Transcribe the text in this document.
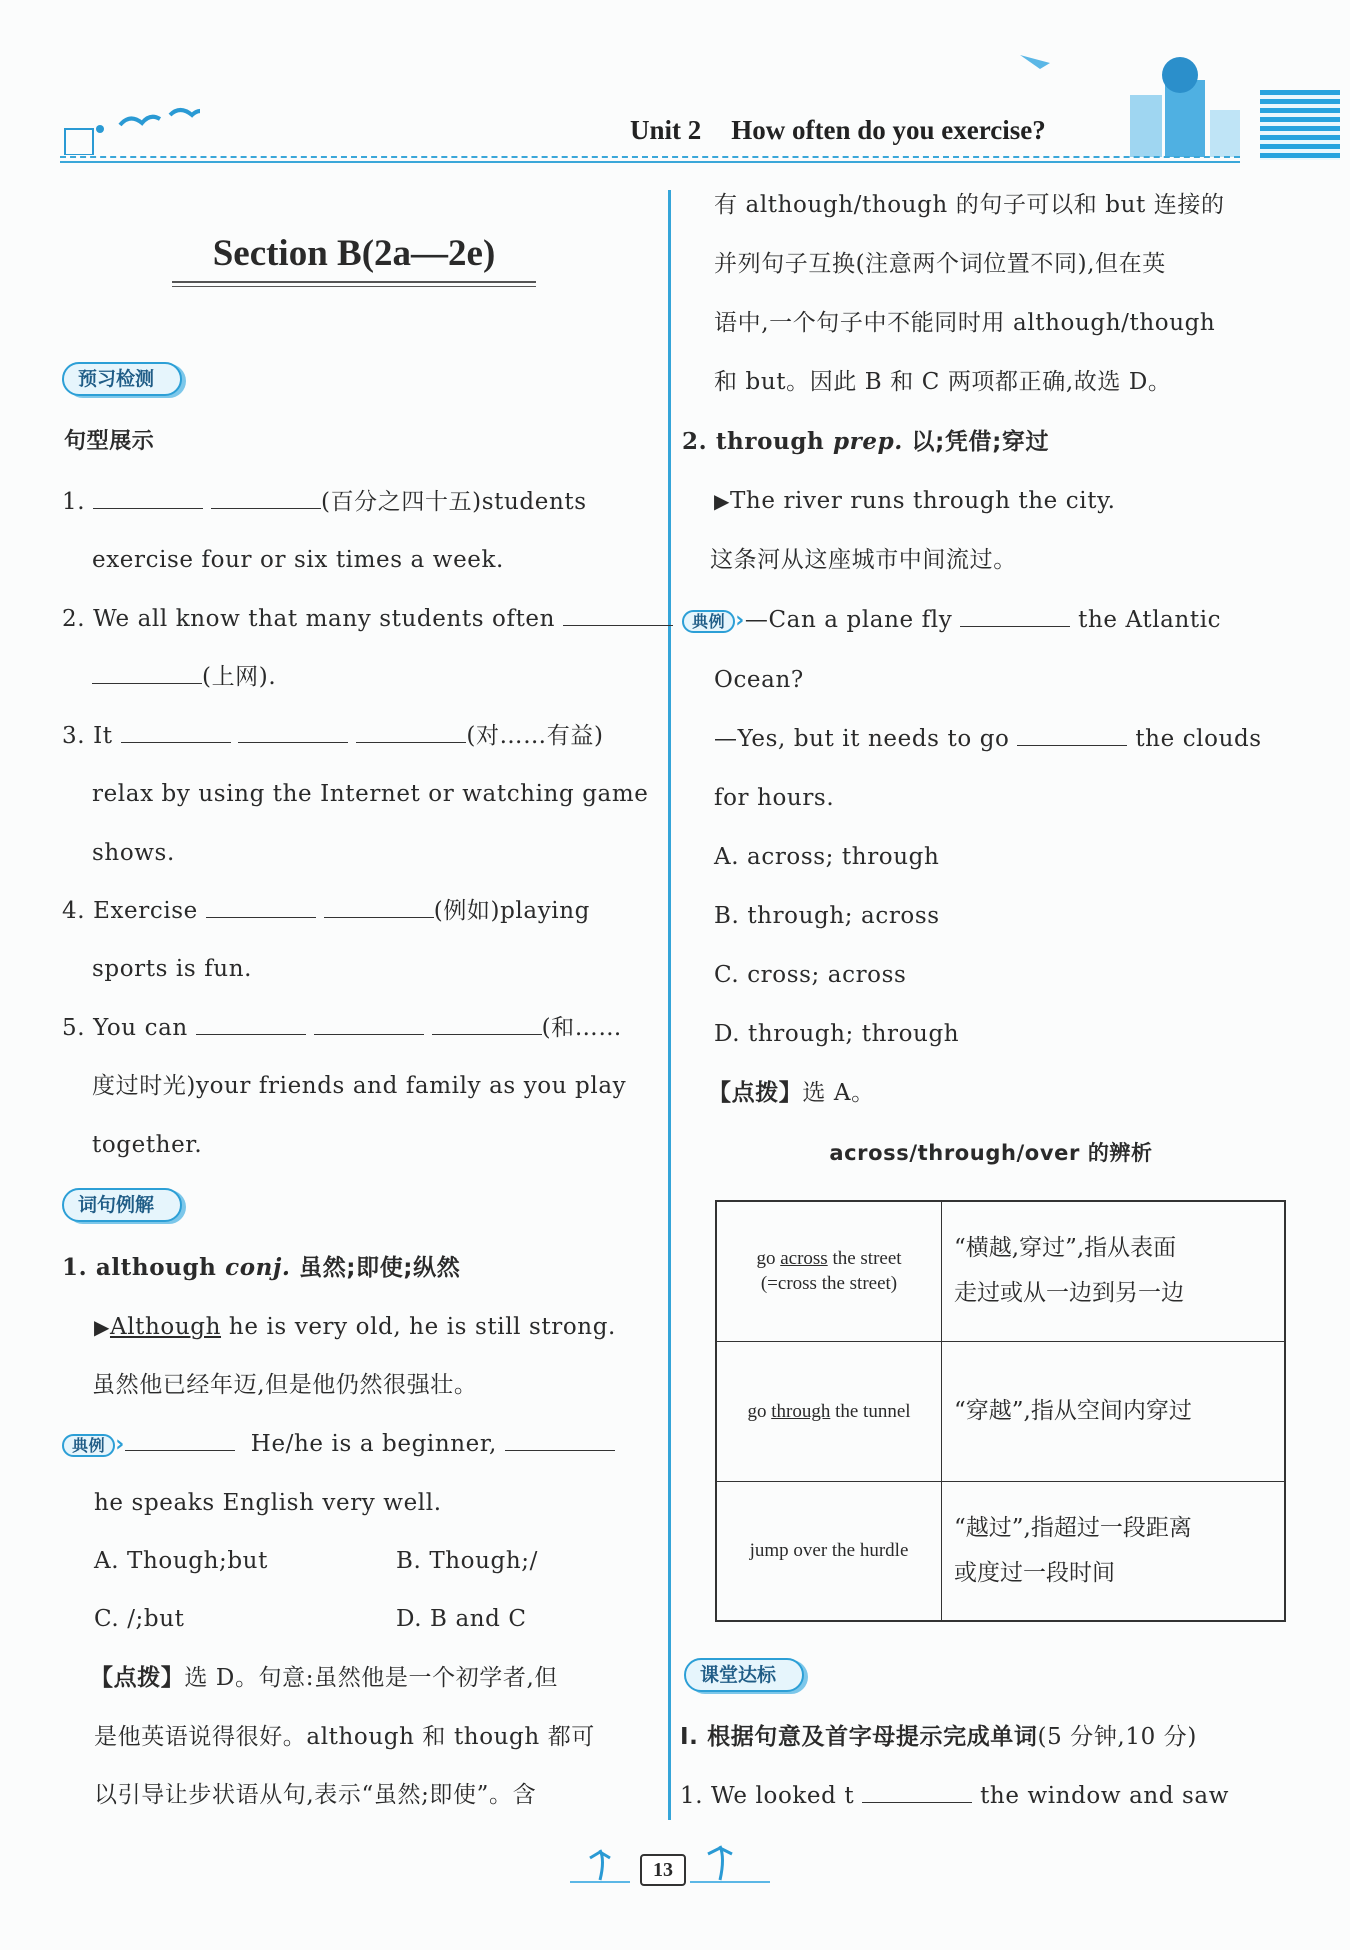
Unit 2 How often do you exercise?
Section B(2a—2e)
预习检测
句型展示
1.	(百分之四十五)students
exercise four or six times a week.
2. We all know that many students often
(上网).
3. It	(对……有益)
relax by using the Internet or watching game
shows.
4. Exercise	(例如)playing
sports is fun.
5. You can	(和……
度过时光)your friends and family as you play
together.
词句例解
1. although conj. 虽然;即使;纵然
▶Although he is very old, he is still strong.
虽然他已经年迈,但是他仍然很强壮。
典例 ›	He/he is a beginner,
he speaks English very well.
A. Though;but	B. Though;/
C. /;but	D. B and C
【点拨】选 D。句意:虽然他是一个初学者,但
是他英语说得很好。although 和 though 都可
以引导让步状语从句,表示“虽然;即使”。含
有 although/though 的句子可以和 but 连接的
并列句子互换(注意两个词位置不同),但在英
语中,一个句子中不能同时用 although/though
和 but。因此 B 和 C 两项都正确,故选 D。
2. through prep. 以;凭借;穿过
▶The river runs through the city.
这条河从这座城市中间流过。
典例 ›—Can a plane fly	the Atlantic
Ocean?
—Yes, but it needs to go	the clouds
for hours.
A. across; through
B. through; across
C. cross; across
D. through; through
【点拨】选 A。
across/through/over 的辨析
go across the street
(=cross the street)	“横越,穿过”,指从表面
走过或从一边到另一边
go through the tunnel	“穿越”,指从空间内穿过
jump over the hurdle	“越过”,指超过一段距离
或度过一段时间
课堂达标
Ⅰ. 根据句意及首字母提示完成单词(5 分钟,10 分)
1. We looked t	the window and saw
13
